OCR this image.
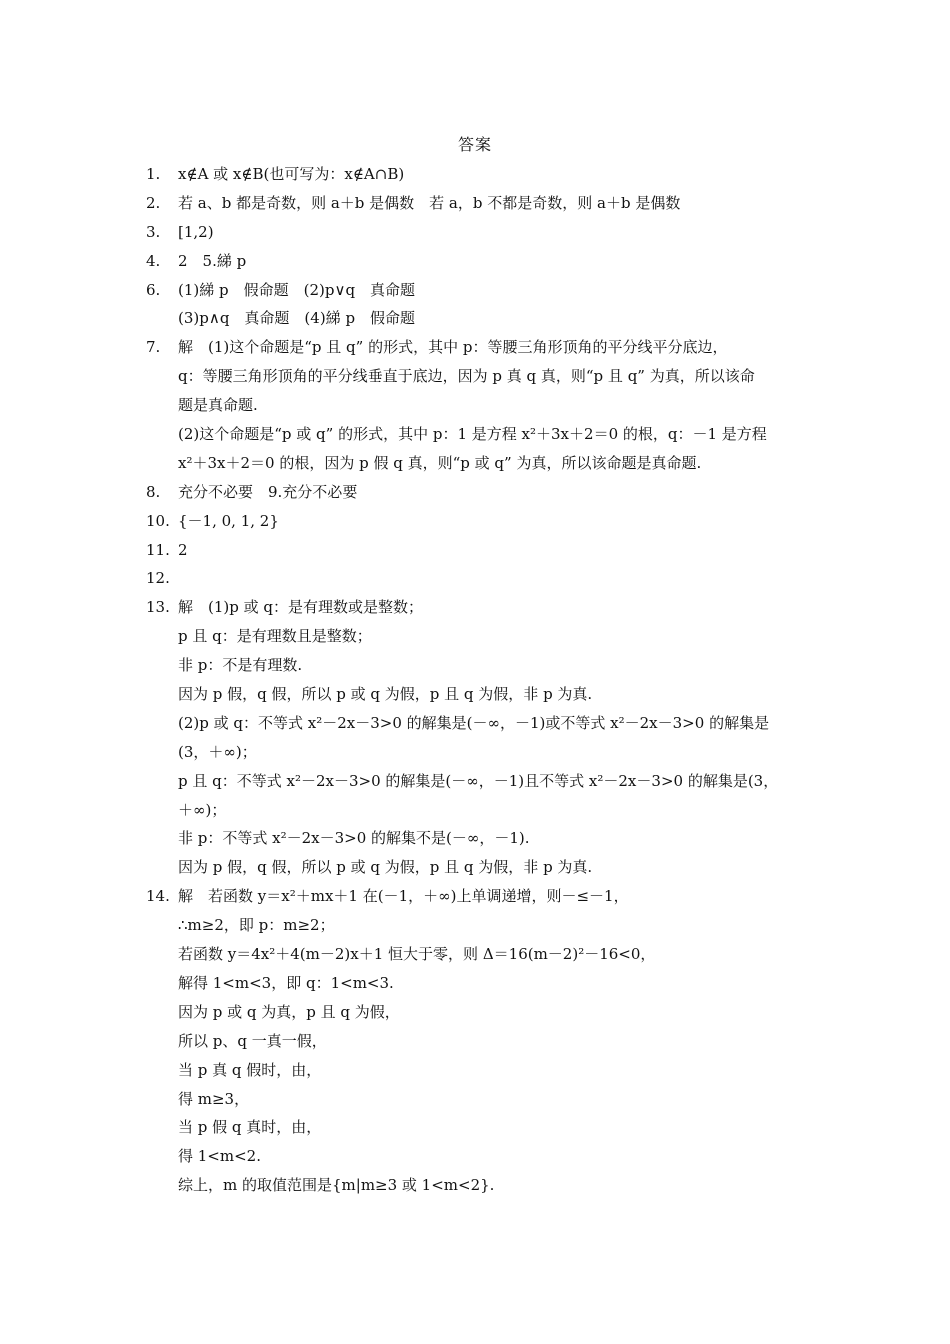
答案
1. x∉A 或 x∉B(也可写为：x∉A∩B)
2. 若 a、b 都是奇数，则 a＋b 是偶数　若 a，b 不都是奇数，则 a＋b 是偶数
3. [1,2)
4. 2　5.綈 p
6. (1)綈 p　假命题　(2)p∨q　真命题
(3)p∧q　真命题　(4)綈 p　假命题
7. 解　(1)这个命题是“p 且 q” 的形式，其中 p：等腰三角形顶角的平分线平分底边，
q：等腰三角形顶角的平分线垂直于底边，因为 p 真 q 真，则“p 且 q” 为真，所以该命
题是真命题.
(2)这个命题是“p 或 q” 的形式，其中 p：1 是方程 x²＋3x＋2＝0 的根，q：－1 是方程
x²＋3x＋2＝0 的根，因为 p 假 q 真，则“p 或 q” 为真，所以该命题是真命题.
8. 充分不必要　9.充分不必要
10. {－1, 0, 1, 2}
11. 2
12.
13. 解　(1)p 或 q：是有理数或是整数；
p 且 q：是有理数且是整数；
非 p：不是有理数.
因为 p 假，q 假，所以 p 或 q 为假，p 且 q 为假，非 p 为真.
(2)p 或 q：不等式 x²－2x－3>0 的解集是(－∞，－1)或不等式 x²－2x－3>0 的解集是
(3，＋∞)；
p 且 q：不等式 x²－2x－3>0 的解集是(－∞，－1)且不等式 x²－2x－3>0 的解集是(3，
＋∞)；
非 p：不等式 x²－2x－3>0 的解集不是(－∞，－1).
因为 p 假，q 假，所以 p 或 q 为假，p 且 q 为假，非 p 为真.
14. 解　若函数 y＝x²＋mx＋1 在(－1，＋∞)上单调递增，则－≤－1，
∴m≥2，即 p：m≥2；
若函数 y＝4x²＋4(m－2)x＋1 恒大于零，则 Δ＝16(m－2)²－16<0，
解得 1<m<3，即 q：1<m<3.
因为 p 或 q 为真，p 且 q 为假，
所以 p、q 一真一假，
当 p 真 q 假时，由，
得 m≥3，
当 p 假 q 真时，由，
得 1<m<2.
综上，m 的取值范围是{m|m≥3 或 1<m<2}.
